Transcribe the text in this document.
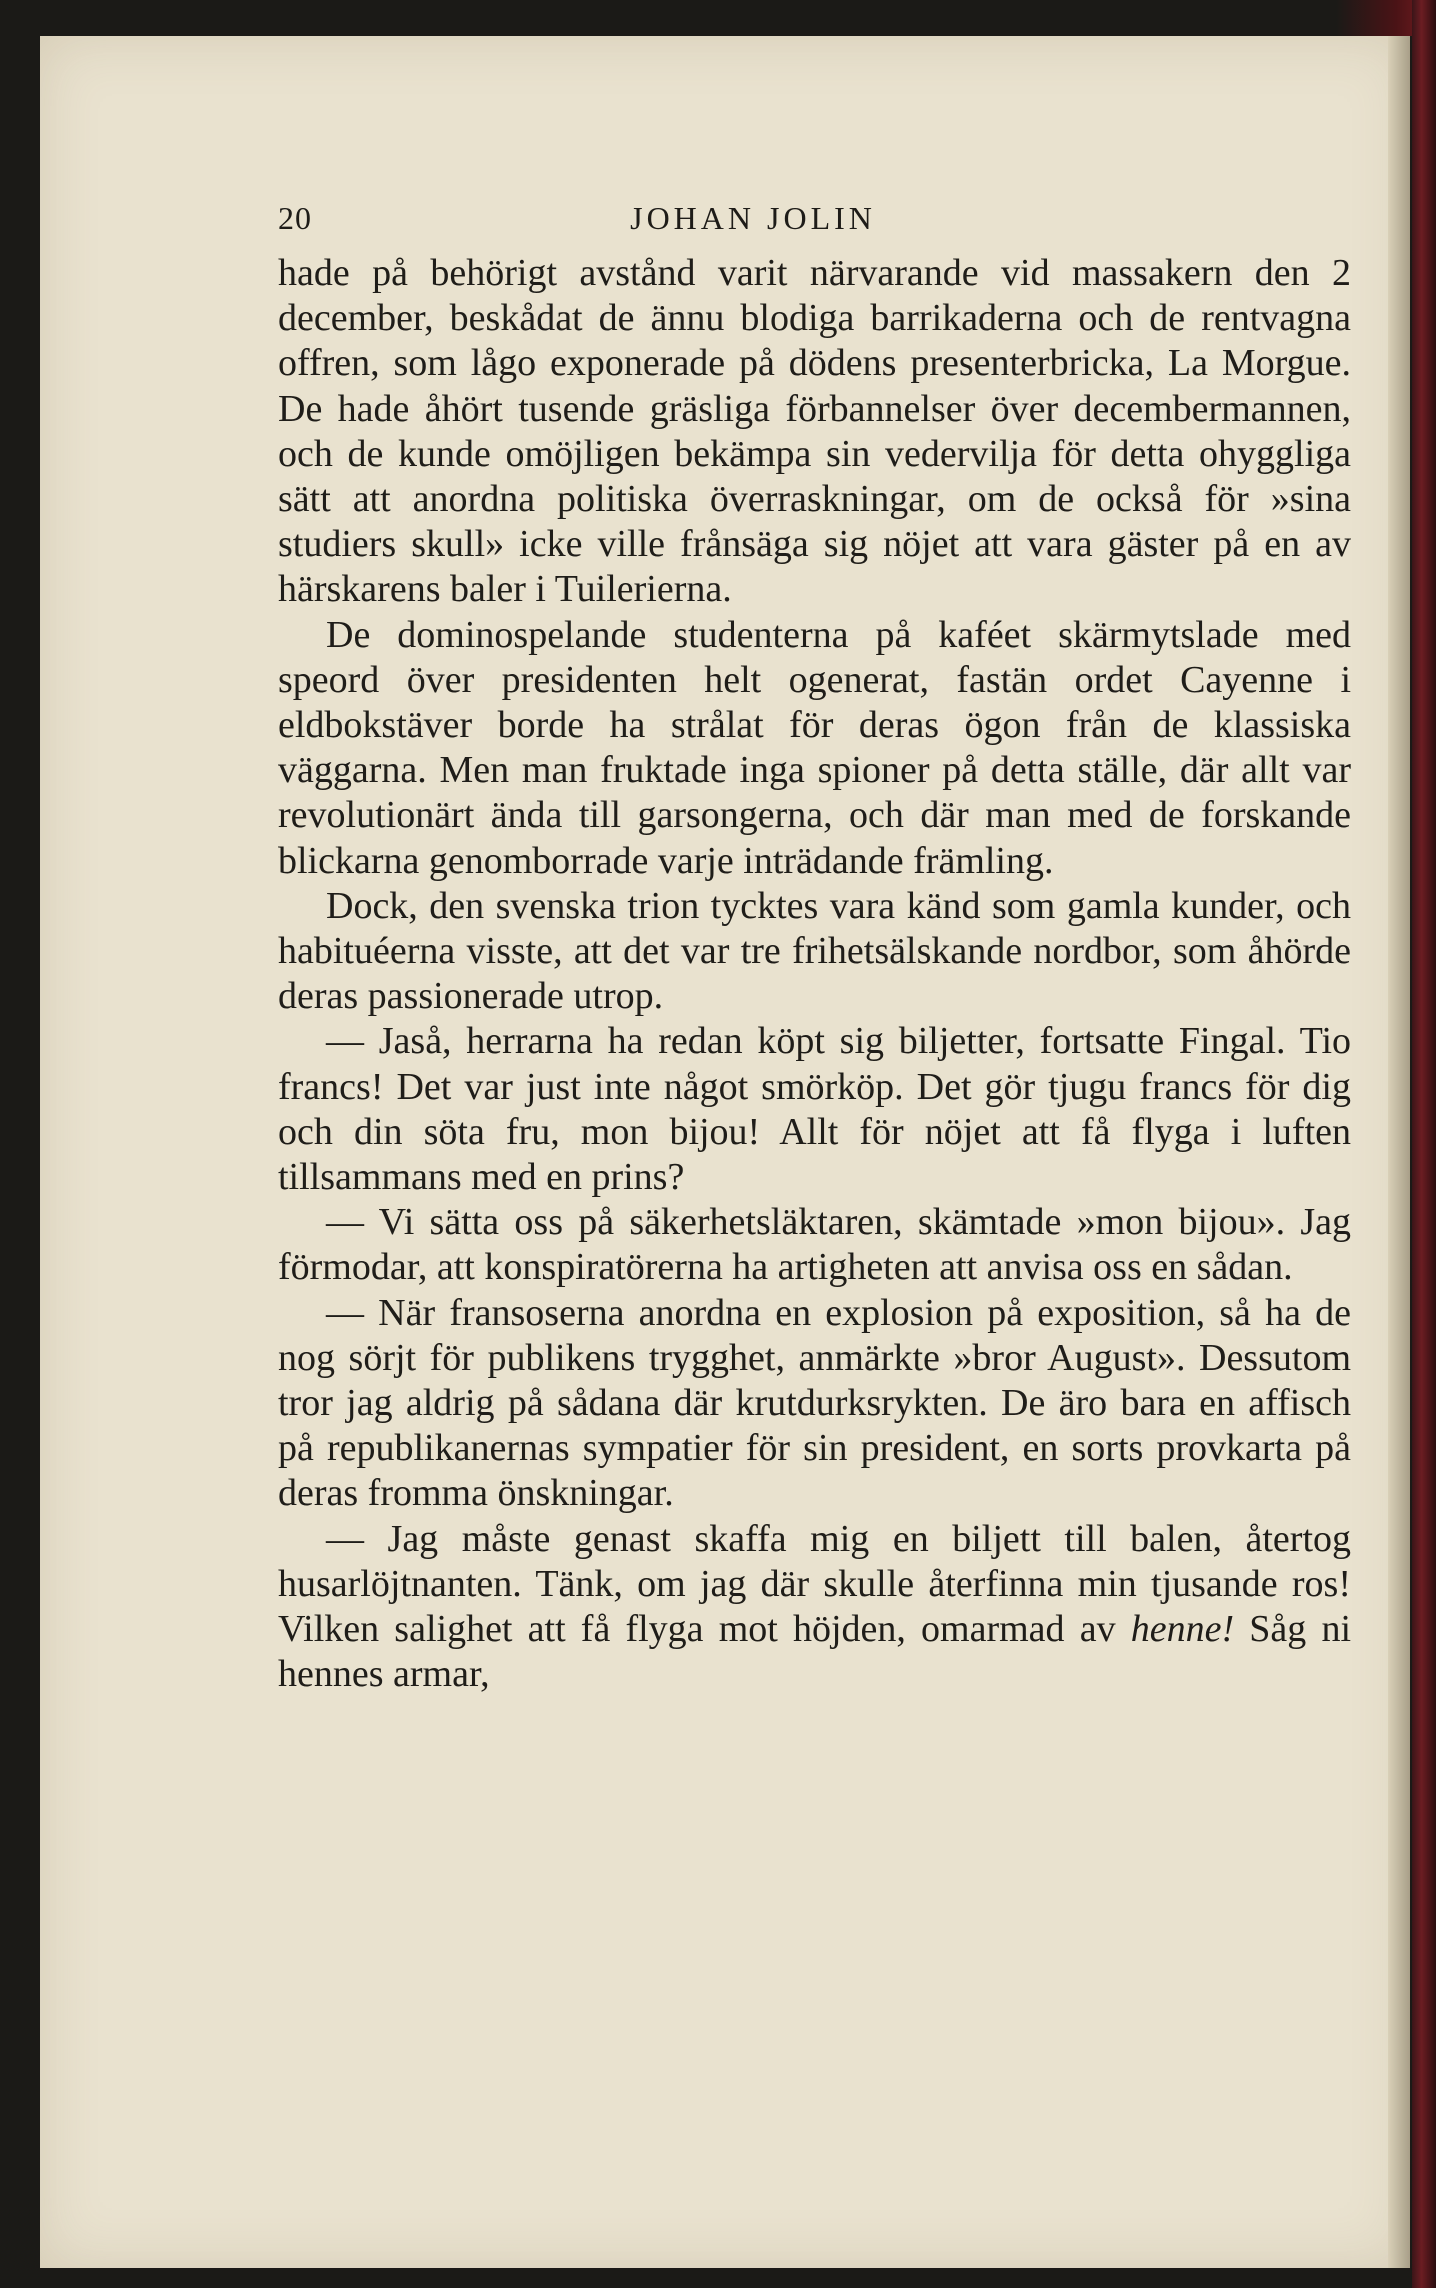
20	JOHAN JOLIN

hade på behörigt avstånd varit närvarande vid massakern den 2 december, beskådat de ännu blodiga barrikaderna och de rentvagna offren, som lågo exponerade på dödens presenterbricka, La Morgue. De hade åhört tusende gräsliga förbannelser över decembermannen, och de kunde omöjligen bekämpa sin vedervilja för detta ohyggliga sätt att anordna politiska överraskningar, om de också för »sina studiers skull» icke ville frånsäga sig nöjet att vara gäster på en av härskarens baler i Tuilerierna.

De dominospelande studenterna på kaféet skärmytslade med speord över presidenten helt ogenerat, fastän ordet Cayenne i eldbokstäver borde ha strålat för deras ögon från de klassiska väggarna. Men man fruktade inga spioner på detta ställe, där allt var revolutionärt ända till garsongerna, och där man med de forskande blickarna genomborrade varje inträdande främling.

Dock, den svenska trion tycktes vara känd som gamla kunder, och habituéerna visste, att det var tre frihetsälskande nordbor, som åhörde deras passionerade utrop.

— Jaså, herrarna ha redan köpt sig biljetter, fortsatte Fingal. Tio francs! Det var just inte något smörköp. Det gör tjugu francs för dig och din söta fru, mon bijou! Allt för nöjet att få flyga i luften tillsammans med en prins?

— Vi sätta oss på säkerhetsläktaren, skämtade »mon bijou». Jag förmodar, att konspiratörerna ha artigheten att anvisa oss en sådan.

— När fransoserna anordna en explosion på exposition, så ha de nog sörjt för publikens trygghet, anmärkte »bror August». Dessutom tror jag aldrig på sådana där krutdurksrykten. De äro bara en affisch på republikanernas sympatier för sin president, en sorts provkarta på deras fromma önskningar.

— Jag måste genast skaffa mig en biljett till balen, återtog husarlöjtnanten. Tänk, om jag där skulle återfinna min tjusande ros! Vilken salighet att få flyga mot höjden, omarmad av henne! Såg ni hennes armar,
